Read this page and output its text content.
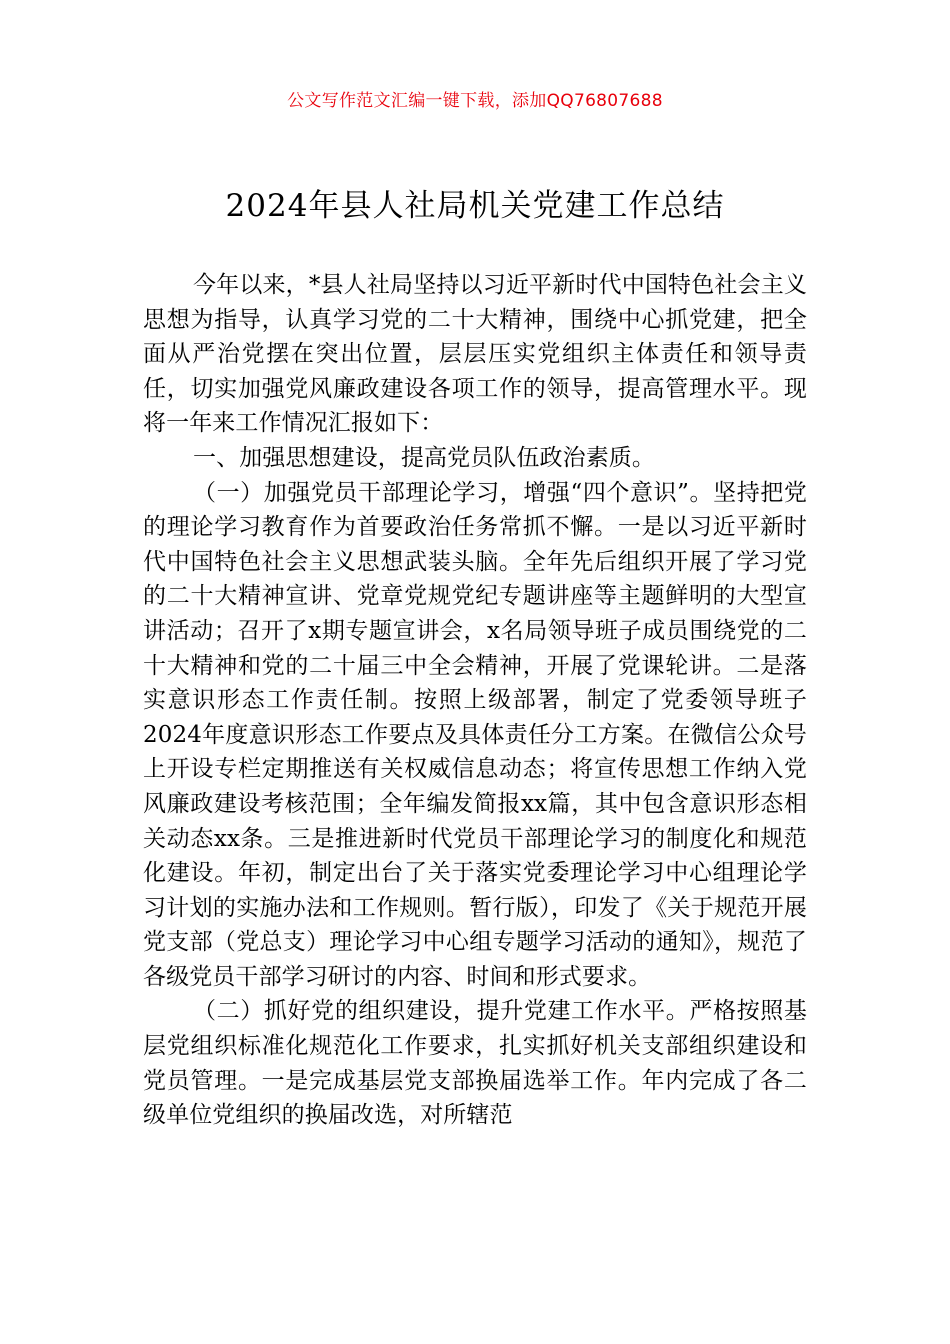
公文写作范文汇编一键下载，添加QQ76807688
2024年县人社局机关党建工作总结

今年以来，*县人社局坚持以习近平新时代中国特色社会主义思想为指导，认真学习党的二十大精神，围绕中心抓党建，把全面从严治党摆在突出位置，层层压实党组织主体责任和领导责任，切实加强党风廉政建设各项工作的领导，提高管理水平。现将一年来工作情况汇报如下：

一、加强思想建设，提高党员队伍政治素质。

（一）加强党员干部理论学习，增强“四个意识”。坚持把党的理论学习教育作为首要政治任务常抓不懈。一是以习近平新时代中国特色社会主义思想武装头脑。全年先后组织开展了学习党的二十大精神宣讲、党章党规党纪专题讲座等主题鲜明的大型宣讲活动；召开了x期专题宣讲会，x名局领导班子成员围绕党的二十大精神和党的二十届三中全会精神，开展了党课轮讲。二是落实意识形态工作责任制。按照上级部署，制定了党委领导班子2024年度意识形态工作要点及具体责任分工方案。在微信公众号上开设专栏定期推送有关权威信息动态；将宣传思想工作纳入党风廉政建设考核范围；全年编发简报xx篇，其中包含意识形态相关动态xx条。三是推进新时代党员干部理论学习的制度化和规范化建设。年初，制定出台了关于落实党委理论学习中心组理论学习计划的实施办法和工作规则。暂行版），印发了《关于规范开展党支部（党总支）理论学习中心组专题学习活动的通知》，规范了各级党员干部学习研讨的内容、时间和形式要求。

（二）抓好党的组织建设，提升党建工作水平。严格按照基层党组织标准化规范化工作要求，扎实抓好机关支部组织建设和党员管理。一是完成基层党支部换届选举工作。年内完成了各二级单位党组织的换届改选，对所辖范
